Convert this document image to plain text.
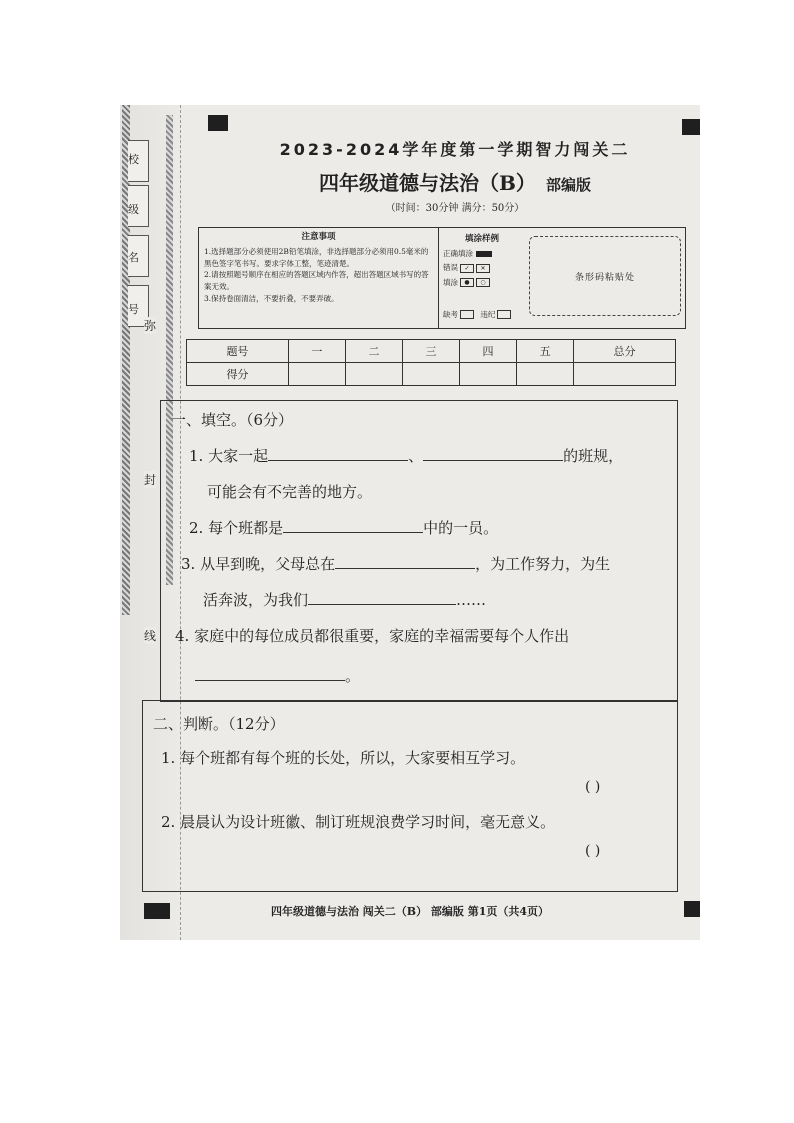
校
级
名
号
弥
封
线
2023-2024学年度第一学期智力闯关二
四年级道德与法治（B） 部编版
（时间：30分钟 满分：50分）
注意事项
1.选择题部分必须使用2B铅笔填涂，非选择题部分必须用0.5毫米的黑色签字笔书写。要求字体工整，笔迹清楚。
2.请按照题号顺序在相应的答题区域内作答，超出答题区域书写的答案无效。
3.保持卷面清洁，不要折叠，不要弄破。
填涂样例
正确填涂
错误 ✓ ✕
填涂 ● ○
缺考	违纪
条形码粘贴处
题号	一	二	三	四	五	总分
得分						
一、填空。（6分）
1. 大家一起	、	的班规，
可能会有不完善的地方。
2. 每个班都是	中的一员。
3. 从早到晚，父母总在	，为工作努力，为生
活奔波，为我们	……
4. 家庭中的每位成员都很重要，家庭的幸福需要每个人作出
。
二、判断。（12分）
1. 每个班都有每个班的长处，所以，大家要相互学习。
( )
2. 晨晨认为设计班徽、制订班规浪费学习时间，毫无意义。
( )
四年级道德与法治 闯关二（B） 部编版 第1页（共4页）
